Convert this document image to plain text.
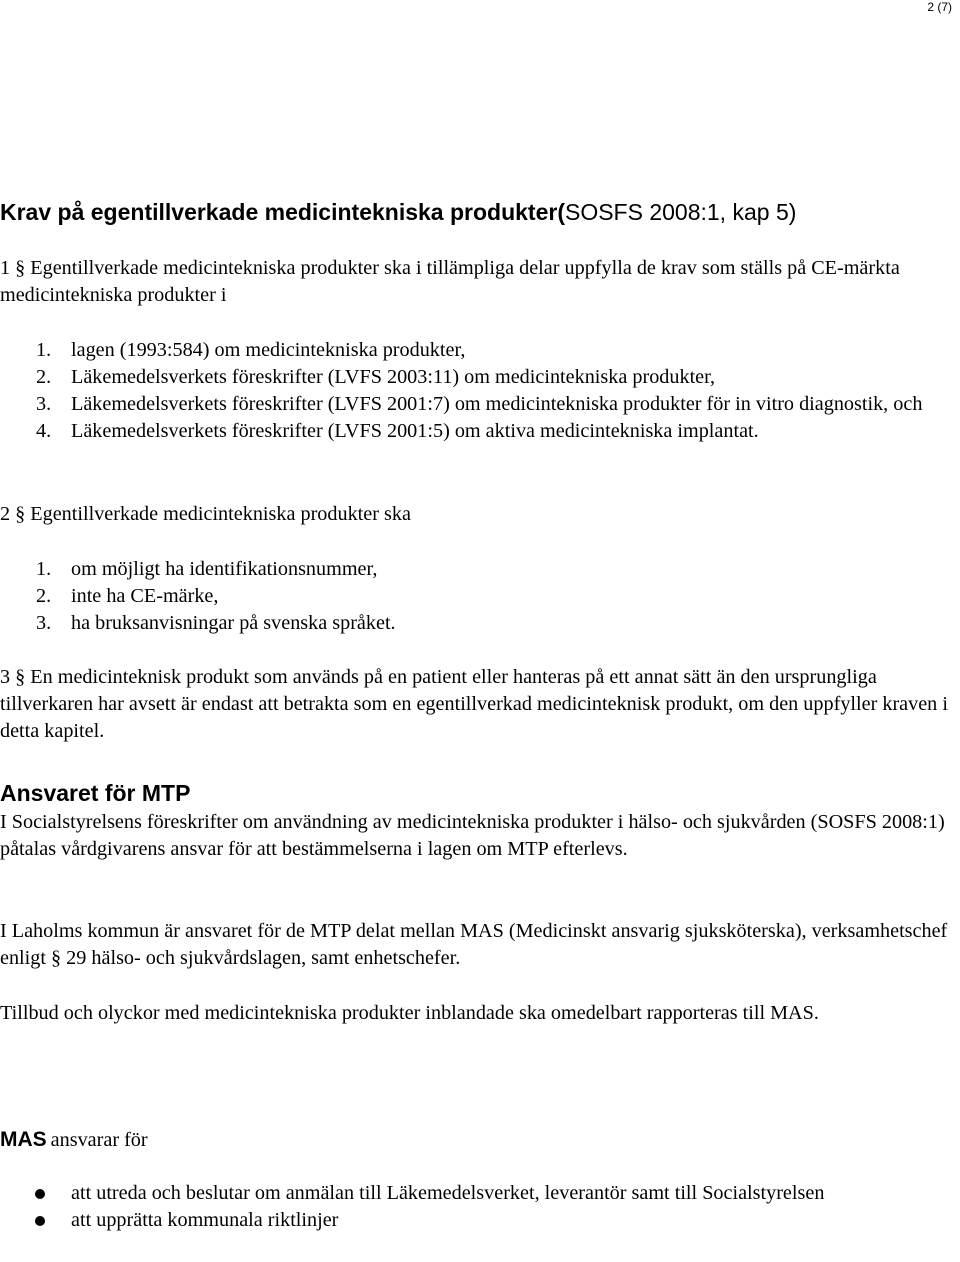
2 (7)
Krav på egentillverkade medicintekniska produkter(SOSFS 2008:1, kap 5)
1 § Egentillverkade medicintekniska produkter ska i tillämpliga delar uppfylla de krav som ställs på CE-märkta medicintekniska produkter i
1. lagen (1993:584) om medicintekniska produkter,
2. Läkemedelsverkets föreskrifter (LVFS 2003:11) om medicintekniska produkter,
3. Läkemedelsverkets föreskrifter (LVFS 2001:7) om medicintekniska produkter för in vitro diagnostik, och
4. Läkemedelsverkets föreskrifter (LVFS 2001:5) om aktiva medicintekniska implantat.
2 § Egentillverkade medicintekniska produkter ska
1. om möjligt ha identifikationsnummer,
2. inte ha CE-märke,
3. ha bruksanvisningar på svenska språket.
3 § En medicinteknisk produkt som används på en patient eller hanteras på ett annat sätt än den ursprungliga tillverkaren har avsett är endast att betrakta som en egentillverkad medicinteknisk produkt, om den uppfyller kraven i detta kapitel.
Ansvaret för MTP
I Socialstyrelsens föreskrifter om användning av medicintekniska produkter i hälso- och sjukvården (SOSFS 2008:1) påtalas vårdgivarens ansvar för att bestämmelserna i lagen om MTP efterlevs.
I Laholms kommun är ansvaret för de MTP delat mellan MAS (Medicinskt ansvarig sjuksköterska), verksamhetschef enligt § 29 hälso- och sjukvårdslagen, samt enhetschefer.
Tillbud och olyckor med medicintekniska produkter inblandade ska omedelbart rapporteras till MAS.
MAS ansvarar för
att utreda och beslutar om anmälan till Läkemedelsverket, leverantör samt till Socialstyrelsen
att upprätta kommunala riktlinjer
